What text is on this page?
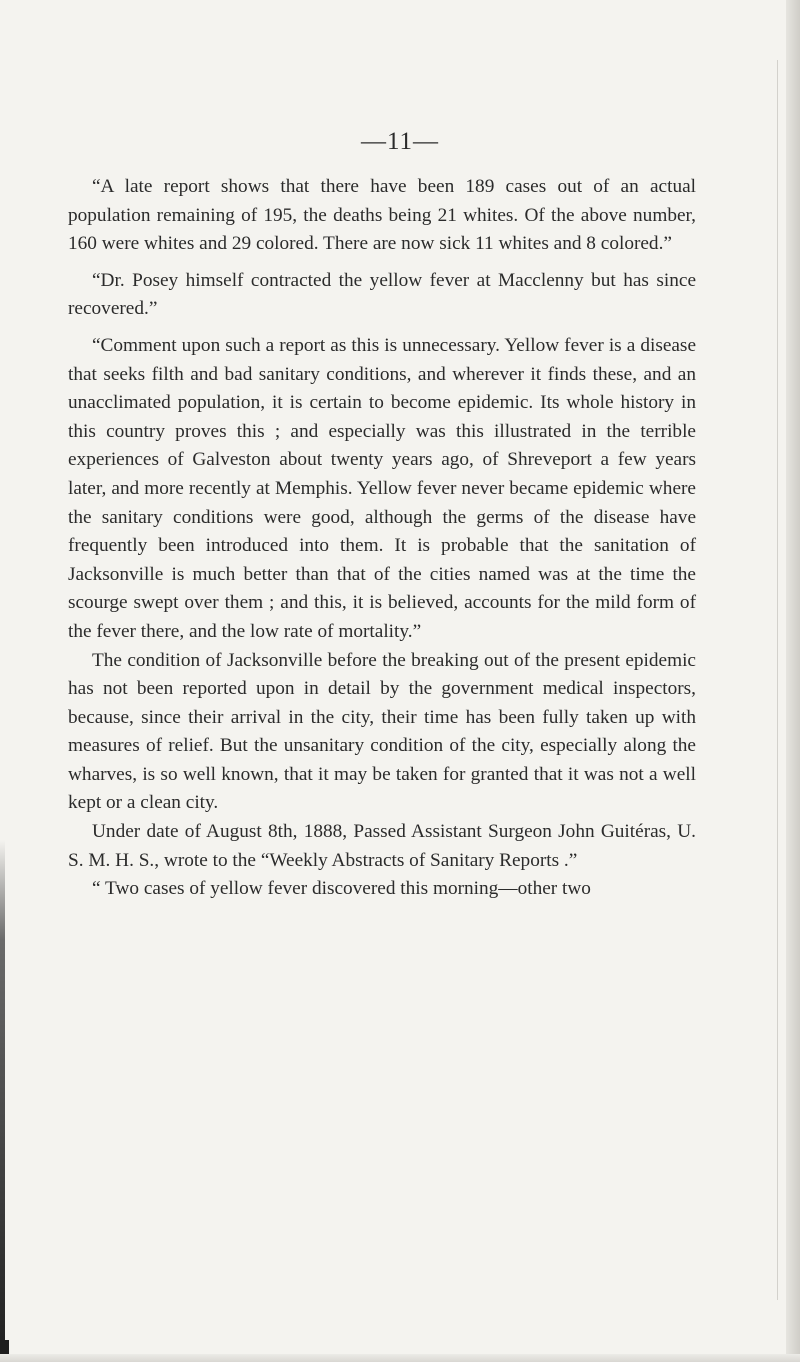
—11—

“A late report shows that there have been 189 cases out of an actual population remaining of 195, the deaths being 21 whites. Of the above number, 160 were whites and 29 colored. There are now sick 11 whites and 8 colored.”

“Dr. Posey himself contracted the yellow fever at Macclenny but has since recovered.”

“Comment upon such a report as this is unnecessary. Yellow fever is a disease that seeks filth and bad sanitary conditions, and wherever it finds these, and an unacclimated population, it is certain to become epidemic. Its whole history in this country proves this ; and especially was this illustrated in the terrible experiences of Galveston about twenty years ago, of Shreveport a few years later, and more recently at Memphis. Yellow fever never became epidemic where the sanitary conditions were good, although the germs of the disease have frequently been introduced into them. It is probable that the sanitation of Jacksonville is much better than that of the cities named was at the time the scourge swept over them ; and this, it is believed, accounts for the mild form of the fever there, and the low rate of mortality.”

The condition of Jacksonville before the breaking out of the present epidemic has not been reported upon in detail by the government medical inspectors, because, since their arrival in the city, their time has been fully taken up with measures of relief. But the unsanitary condition of the city, especially along the wharves, is so well known, that it may be taken for granted that it was not a well kept or a clean city.

Under date of August 8th, 1888, Passed Assistant Surgeon John Guitéras, U. S. M. H. S., wrote to the “Weekly Abstracts of Sanitary Reports .”

“ Two cases of yellow fever discovered this morning—other two
